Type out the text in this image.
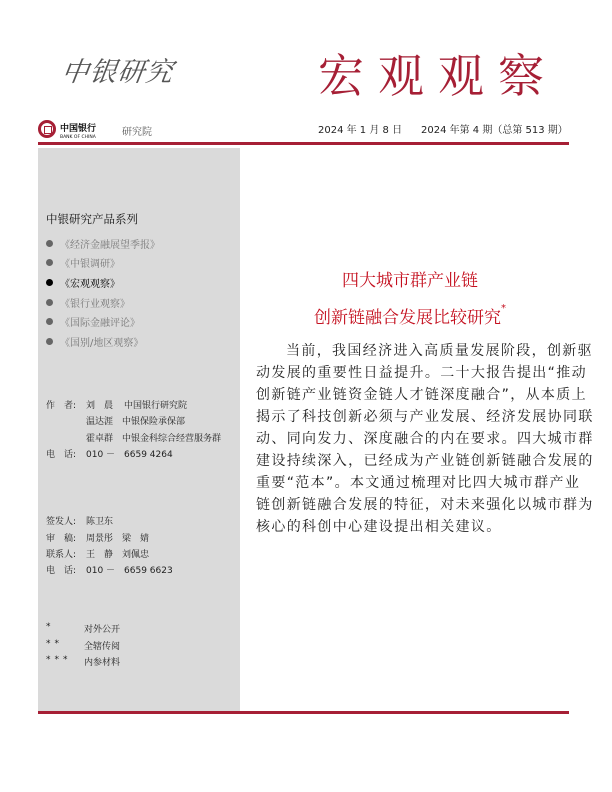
中银研究	宏观观察
中国银行
BANK OF CHINA	研究院	2024 年 1 月 8 日 2024 年第 4 期（总第 513 期）
中银研究产品系列
《经济金融展望季报》
《中银调研》
《宏观观察》
《银行业观察》
《国际金融评论》
《国别/地区观察》
作　者: 刘　晨 中国银行研究院
温达涯 中银保险承保部
霍卓群 中银金科综合经营服务群
电　话: 010 －　6659 4264
签发人: 陈卫东
审　稿: 周景彤　梁　婧
联系人: 王　静　刘佩忠
电　话: 010 －　6659 6623
*	对外公开
** 全辖传阅
*** 内参材料
四大城市群产业链
创新链融合发展比较研究*
当前，我国经济进入高质量发展阶段，创新驱
动发展的重要性日益提升。二十大报告提出“推动
创新链产业链资金链人才链深度融合”，从本质上
揭示了科技创新必须与产业发展、经济发展协同联
动、同向发力、深度融合的内在要求。四大城市群
建设持续深入，已经成为产业链创新链融合发展的
重要“范本”。本文通过梳理对比四大城市群产业
链创新链融合发展的特征，对未来强化以城市群为
核心的科创中心建设提出相关建议。
